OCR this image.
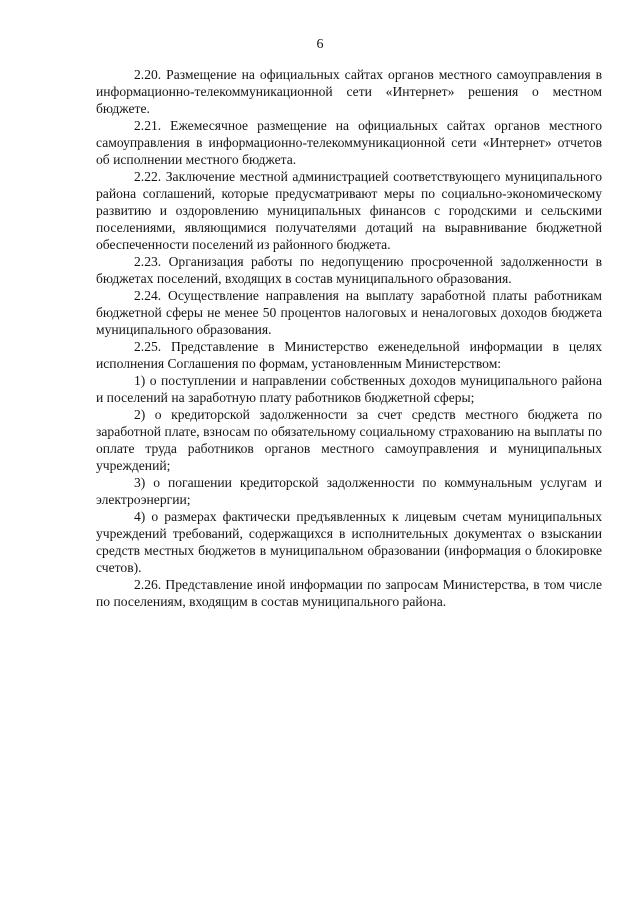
6

2.20. Размещение на официальных сайтах органов местного самоуправления в информационно-телекоммуникационной сети «Интернет» решения о местном бюджете.

2.21. Ежемесячное размещение на официальных сайтах органов местного самоуправления в информационно-телекоммуникационной сети «Интернет» отчетов об исполнении местного бюджета.

2.22. Заключение местной администрацией соответствующего муниципального района соглашений, которые предусматривают меры по социально-экономическому развитию и оздоровлению муниципальных финансов с городскими и сельскими поселениями, являющимися получателями дотаций на выравнивание бюджетной обеспеченности поселений из районного бюджета.

2.23. Организация работы по недопущению просроченной задолженности в бюджетах поселений, входящих в состав муниципального образования.

2.24. Осуществление направления на выплату заработной платы работникам бюджетной сферы не менее 50 процентов налоговых и неналоговых доходов бюджета муниципального образования.

2.25. Представление в Министерство еженедельной информации в целях исполнения Соглашения по формам, установленным Министерством:

1) о поступлении и направлении собственных доходов муниципального района и поселений на заработную плату работников бюджетной сферы;

2) о кредиторской задолженности за счет средств местного бюджета по заработной плате, взносам по обязательному социальному страхованию на выплаты по оплате труда работников органов местного самоуправления и муниципальных учреждений;

3) о погашении кредиторской задолженности по коммунальным услугам и электроэнергии;

4) о размерах фактически предъявленных к лицевым счетам муниципальных учреждений требований, содержащихся в исполнительных документах о взыскании средств местных бюджетов в муниципальном образовании (информация о блокировке счетов).

2.26. Представление иной информации по запросам Министерства, в том числе по поселениям, входящим в состав муниципального района.
